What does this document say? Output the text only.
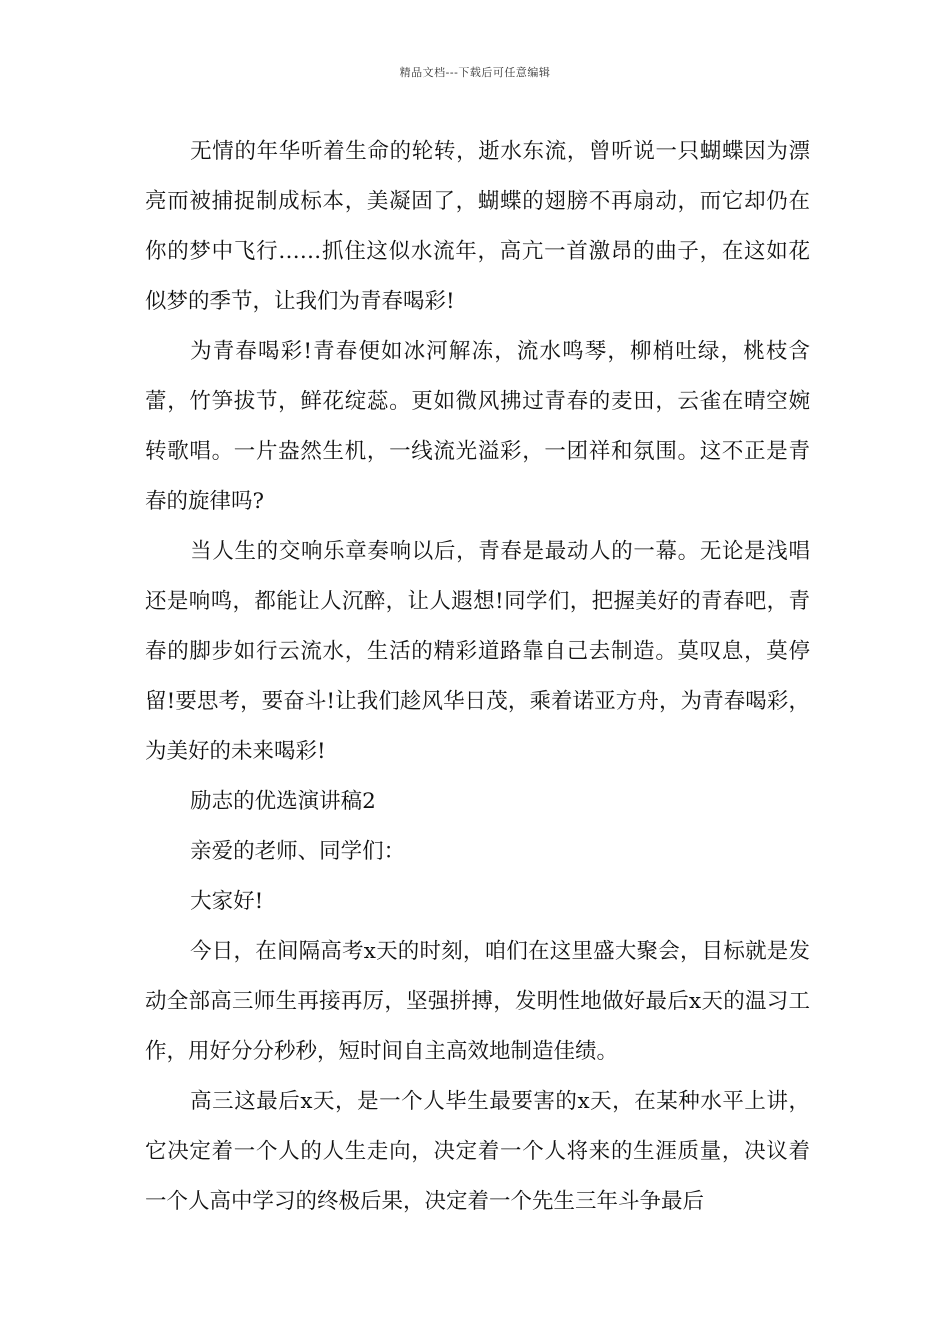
精品文档---下载后可任意编辑

无情的年华听着生命的轮转，逝水东流，曾听说一只蝴蝶因为漂亮而被捕捉制成标本，美凝固了，蝴蝶的翅膀不再扇动，而它却仍在你的梦中飞行……抓住这似水流年，高亢一首激昂的曲子，在这如花似梦的季节，让我们为青春喝彩!

为青春喝彩!青春便如冰河解冻，流水鸣琴，柳梢吐绿，桃枝含蕾，竹笋拔节，鲜花绽蕊。更如微风拂过青春的麦田，云雀在晴空婉转歌唱。一片盎然生机，一线流光溢彩，一团祥和氛围。这不正是青春的旋律吗?

当人生的交响乐章奏响以后，青春是最动人的一幕。无论是浅唱还是响鸣，都能让人沉醉，让人遐想!同学们，把握美好的青春吧，青春的脚步如行云流水，生活的精彩道路靠自己去制造。莫叹息，莫停留!要思考，要奋斗!让我们趁风华日茂，乘着诺亚方舟，为青春喝彩，为美好的未来喝彩!

励志的优选演讲稿2

亲爱的老师、同学们：

大家好!

今日，在间隔高考x天的时刻，咱们在这里盛大聚会，目标就是发动全部高三师生再接再厉，坚强拼搏，发明性地做好最后x天的温习工作，用好分分秒秒，短时间自主高效地制造佳绩。

高三这最后x天，是一个人毕生最要害的x天，在某种水平上讲，它决定着一个人的人生走向，决定着一个人将来的生涯质量，决议着一个人高中学习的终极后果，决定着一个先生三年斗争最后
